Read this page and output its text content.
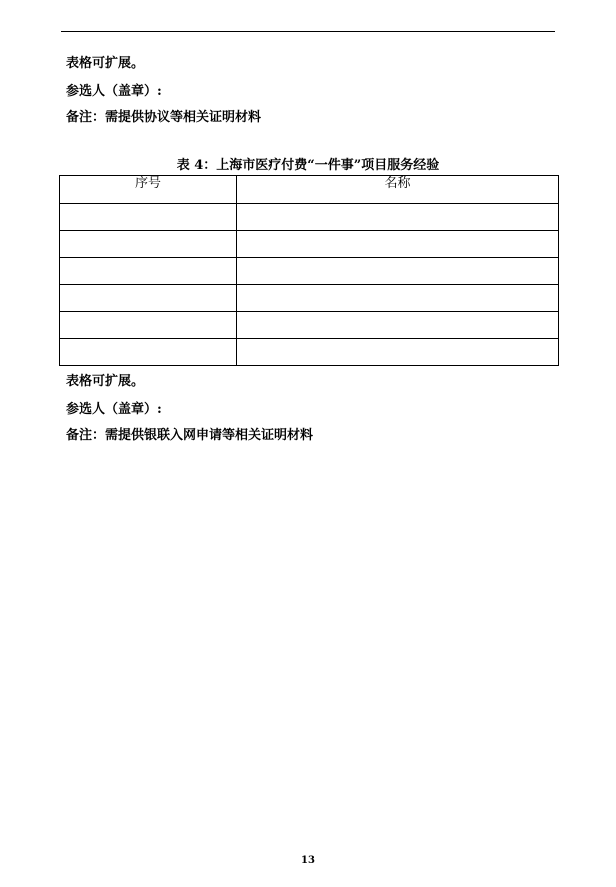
表格可扩展。
参选人（盖章）:
备注：需提供协议等相关证明材料
表 4：上海市医疗付费“一件事”项目服务经验
序号	名称

表格可扩展。
参选人（盖章）:
备注：需提供银联入网申请等相关证明材料
13
